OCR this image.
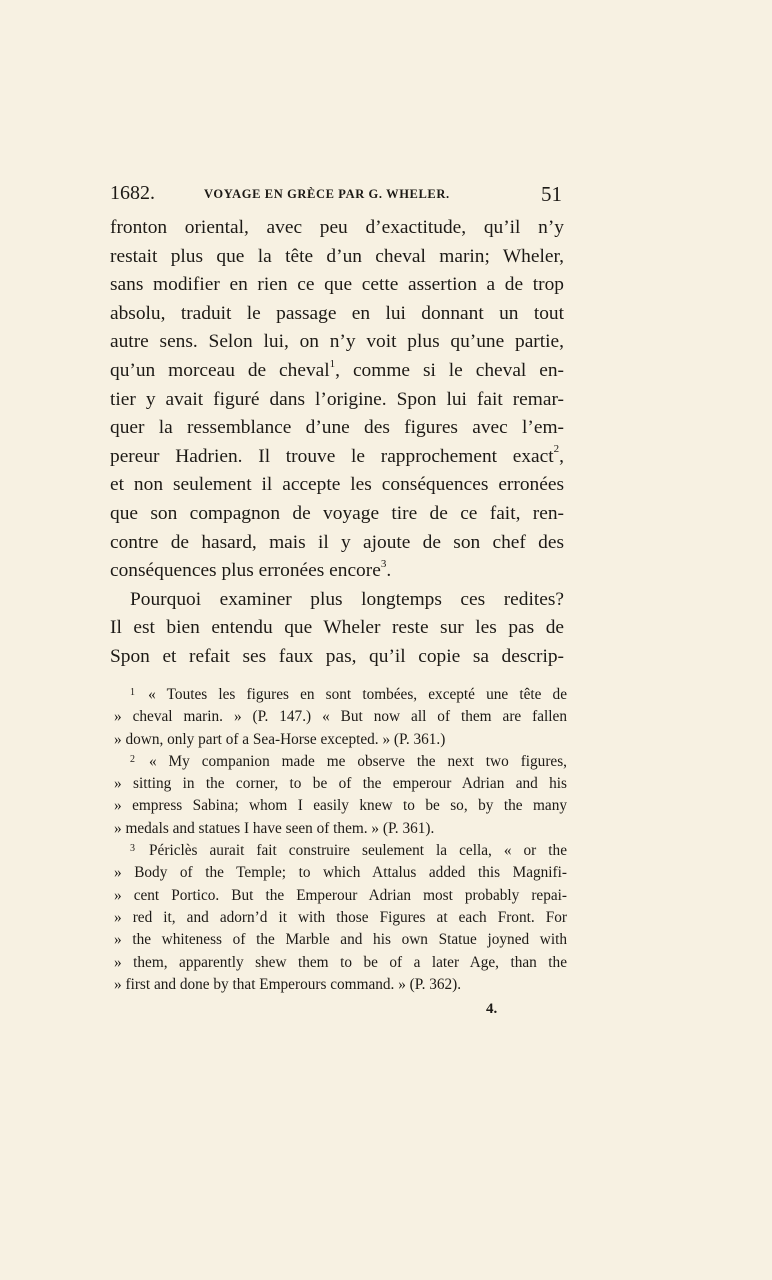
1682.	VOYAGE EN GRÈCE PAR G. WHELER.	51
fronton oriental, avec peu d’exactitude, qu’il n’y
restait plus que la tête d’un cheval marin; Wheler,
sans modifier en rien ce que cette assertion a de trop
absolu, traduit le passage en lui donnant un tout
autre sens. Selon lui, on n’y voit plus qu’une partie,
qu’un morceau de cheval$^1$, comme si le cheval en-
tier y avait figuré dans l’origine. Spon lui fait remar-
quer la ressemblance d’une des figures avec l’em-
pereur Hadrien. Il trouve le rapprochement exact$^2$,
et non seulement il accepte les conséquences erronées
que son compagnon de voyage tire de ce fait, ren-
contre de hasard, mais il y ajoute de son chef des
conséquences plus erronées encore$^3$.
Pourquoi examiner plus longtemps ces redites?
Il est bien entendu que Wheler reste sur les pas de
Spon et refait ses faux pas, qu’il copie sa descrip-
$^1$ « Toutes les figures en sont tombées, excepté une tête de
» cheval marin. » (P. 147.) « But now all of them are fallen
» down, only part of a Sea-Horse excepted. » (P. 361.)
$^2$ « My companion made me observe the next two figures,
» sitting in the corner, to be of the emperour Adrian and his
» empress Sabina; whom I easily knew to be so, by the many
» medals and statues I have seen of them. » (P. 361).
$^3$ Périclès aurait fait construire seulement la cella, « or the
» Body of the Temple; to which Attalus added this Magnifi-
» cent Portico. But the Emperour Adrian most probably repai-
» red it, and adorn’d it with those Figures at each Front. For
» the whiteness of the Marble and his own Statue joyned with
» them, apparently shew them to be of a later Age, than the
» first and done by that Emperours command. » (P. 362).
4.
